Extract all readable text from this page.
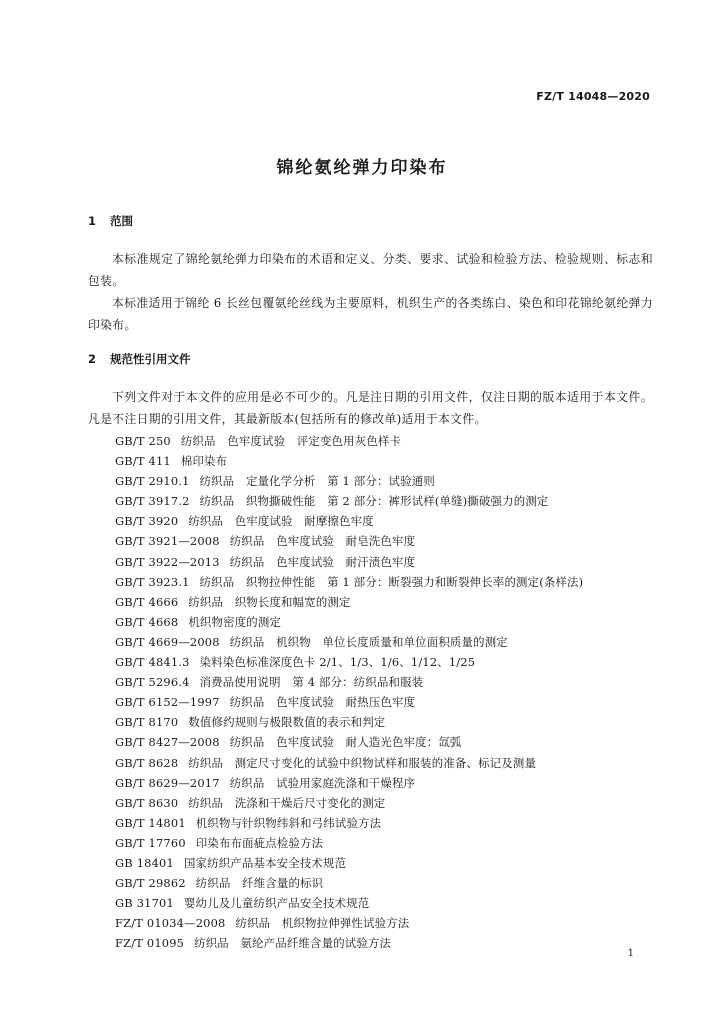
FZ/T 14048—2020
锦纶氨纶弹力印染布
1 范围

本标准规定了锦纶氨纶弹力印染布的术语和定义、分类、要求、试验和检验方法、检验规则、标志和包装。

本标准适用于锦纶 6 长丝包覆氨纶丝线为主要原料，机织生产的各类练白、染色和印花锦纶氨纶弹力印染布。

2 规范性引用文件

下列文件对于本文件的应用是必不可少的。凡是注日期的引用文件，仅注日期的版本适用于本文件。凡是不注日期的引用文件，其最新版本(包括所有的修改单)适用于本文件。

GB/T 250 纺织品　色牢度试验　评定变色用灰色样卡
GB/T 411 棉印染布
GB/T 2910.1 纺织品　定量化学分析　第 1 部分：试验通则
GB/T 3917.2 纺织品　织物撕破性能　第 2 部分：裤形试样(单缝)撕破强力的测定
GB/T 3920 纺织品　色牢度试验　耐摩擦色牢度
GB/T 3921—2008 纺织品　色牢度试验　耐皂洗色牢度
GB/T 3922—2013 纺织品　色牢度试验　耐汗渍色牢度
GB/T 3923.1 纺织品　织物拉伸性能　第 1 部分：断裂强力和断裂伸长率的测定(条样法)
GB/T 4666 纺织品　织物长度和幅宽的测定
GB/T 4668 机织物密度的测定
GB/T 4669—2008 纺织品　机织物　单位长度质量和单位面积质量的测定
GB/T 4841.3 染料染色标准深度色卡 2/1、1/3、1/6、1/12、1/25
GB/T 5296.4 消费品使用说明　第 4 部分：纺织品和服装
GB/T 6152—1997 纺织品　色牢度试验　耐热压色牢度
GB/T 8170 数值修约规则与极限数值的表示和判定
GB/T 8427—2008 纺织品　色牢度试验　耐人造光色牢度：氙弧
GB/T 8628 纺织品　测定尺寸变化的试验中织物试样和服装的准备、标记及测量
GB/T 8629—2017 纺织品　试验用家庭洗涤和干燥程序
GB/T 8630 纺织品　洗涤和干燥后尺寸变化的测定
GB/T 14801 机织物与针织物纬斜和弓纬试验方法
GB/T 17760 印染布布面疵点检验方法
GB 18401 国家纺织产品基本安全技术规范
GB/T 29862 纺织品　纤维含量的标识
GB 31701 婴幼儿及儿童纺织产品安全技术规范
FZ/T 01034—2008 纺织品　机织物拉伸弹性试验方法
FZ/T 01095 纺织品　氨纶产品纤维含量的试验方法
1
